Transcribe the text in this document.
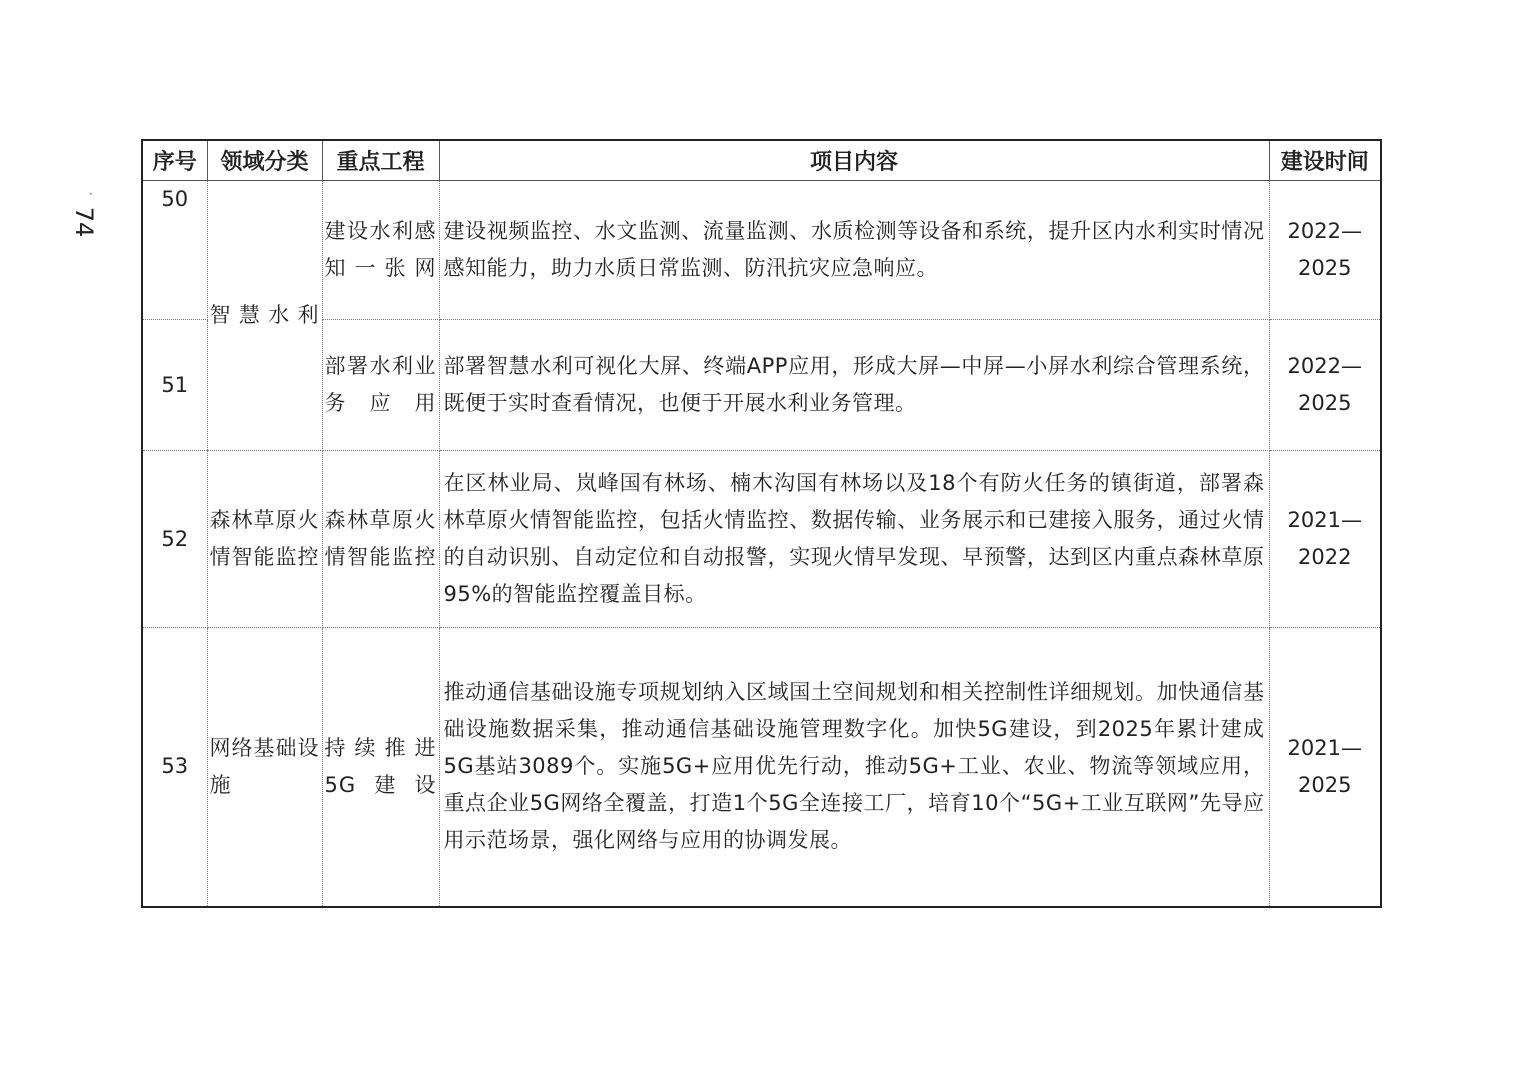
·
74
序号	领域分类	重点工程	项目内容	建设时间
50	智慧水利	建设水利感知一张网	建设视频监控、水文监测、流量监测、水质检测等设备和系统，提升区内水利实时情况感知能力，助力水质日常监测、防汛抗灾应急响应。	2022—2025
51		部署水利业务应用	部署智慧水利可视化大屏、终端APP应用，形成大屏—中屏—小屏水利综合管理系统，既便于实时查看情况，也便于开展水利业务管理。	2022—2025
52	森林草原火情智能监控	森林草原火情智能监控	在区林业局、岚峰国有林场、楠木沟国有林场以及18个有防火任务的镇街道，部署森林草原火情智能监控，包括火情监控、数据传输、业务展示和已建接入服务，通过火情的自动识别、自动定位和自动报警，实现火情早发现、早预警，达到区内重点森林草原95%的智能监控覆盖目标。	2021—2022
53	网络基础设施	持续推进5G建设	推动通信基础设施专项规划纳入区域国土空间规划和相关控制性详细规划。加快通信基础设施数据采集，推动通信基础设施管理数字化。加快5G建设，到2025年累计建成5G基站3089个。实施5G+应用优先行动，推动5G+工业、农业、物流等领域应用，重点企业5G网络全覆盖，打造1个5G全连接工厂，培育10个“5G+工业互联网”先导应用示范场景，强化网络与应用的协调发展。	2021—2025
